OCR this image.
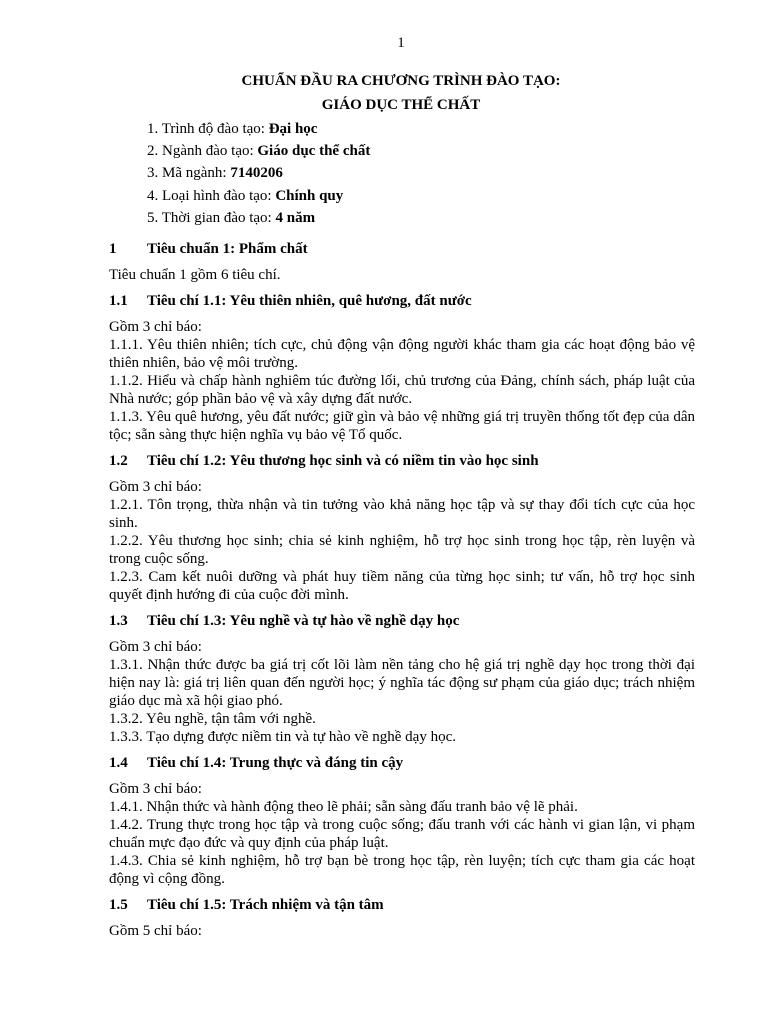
1
CHUẨN ĐẦU RA CHƯƠNG TRÌNH ĐÀO TẠO:
GIÁO DỤC THỂ CHẤT
1. Trình độ đào tạo: Đại học
2. Ngành đào tạo: Giáo dục thể chất
3. Mã ngành: 7140206
4. Loại hình đào tạo: Chính quy
5. Thời gian đào tạo: 4 năm

1 Tiêu chuẩn 1: Phẩm chất

Tiêu chuẩn 1 gồm 6 tiêu chí.

1.1 Tiêu chí 1.1: Yêu thiên nhiên, quê hương, đất nước

Gồm 3 chỉ báo:

1.1.1. Yêu thiên nhiên; tích cực, chủ động vận động người khác tham gia các hoạt động bảo vệ thiên nhiên, bảo vệ môi trường.

1.1.2. Hiểu và chấp hành nghiêm túc đường lối, chủ trương của Đảng, chính sách, pháp luật của Nhà nước; góp phần bảo vệ và xây dựng đất nước.

1.1.3. Yêu quê hương, yêu đất nước; giữ gìn và bảo vệ những giá trị truyền thống tốt đẹp của dân tộc; sẵn sàng thực hiện nghĩa vụ bảo vệ Tổ quốc.

1.2 Tiêu chí 1.2: Yêu thương học sinh và có niềm tin vào học sinh

Gồm 3 chỉ báo:

1.2.1. Tôn trọng, thừa nhận và tin tưởng vào khả năng học tập và sự thay đổi tích cực của học sinh.

1.2.2. Yêu thương học sinh; chia sẻ kinh nghiệm, hỗ trợ học sinh trong học tập, rèn luyện và trong cuộc sống.

1.2.3. Cam kết nuôi dưỡng và phát huy tiềm năng của từng học sinh; tư vấn, hỗ trợ học sinh quyết định hướng đi của cuộc đời mình.

1.3 Tiêu chí 1.3: Yêu nghề và tự hào về nghề dạy học

Gồm 3 chỉ báo:

1.3.1. Nhận thức được ba giá trị cốt lõi làm nền tảng cho hệ giá trị nghề dạy học trong thời đại hiện nay là: giá trị liên quan đến người học; ý nghĩa tác động sư phạm của giáo dục; trách nhiệm giáo dục mà xã hội giao phó.

1.3.2. Yêu nghề, tận tâm với nghề.

1.3.3. Tạo dựng được niềm tin và tự hào về nghề dạy học.

1.4 Tiêu chí 1.4: Trung thực và đáng tin cậy

Gồm 3 chỉ báo:

1.4.1. Nhận thức và hành động theo lẽ phải; sẵn sàng đấu tranh bảo vệ lẽ phải.

1.4.2. Trung thực trong học tập và trong cuộc sống; đấu tranh với các hành vi gian lận, vi phạm chuẩn mực đạo đức và quy định của pháp luật.

1.4.3. Chia sẻ kinh nghiệm, hỗ trợ bạn bè trong học tập, rèn luyện; tích cực tham gia các hoạt động vì cộng đồng.

1.5 Tiêu chí 1.5: Trách nhiệm và tận tâm

Gồm 5 chỉ báo:
